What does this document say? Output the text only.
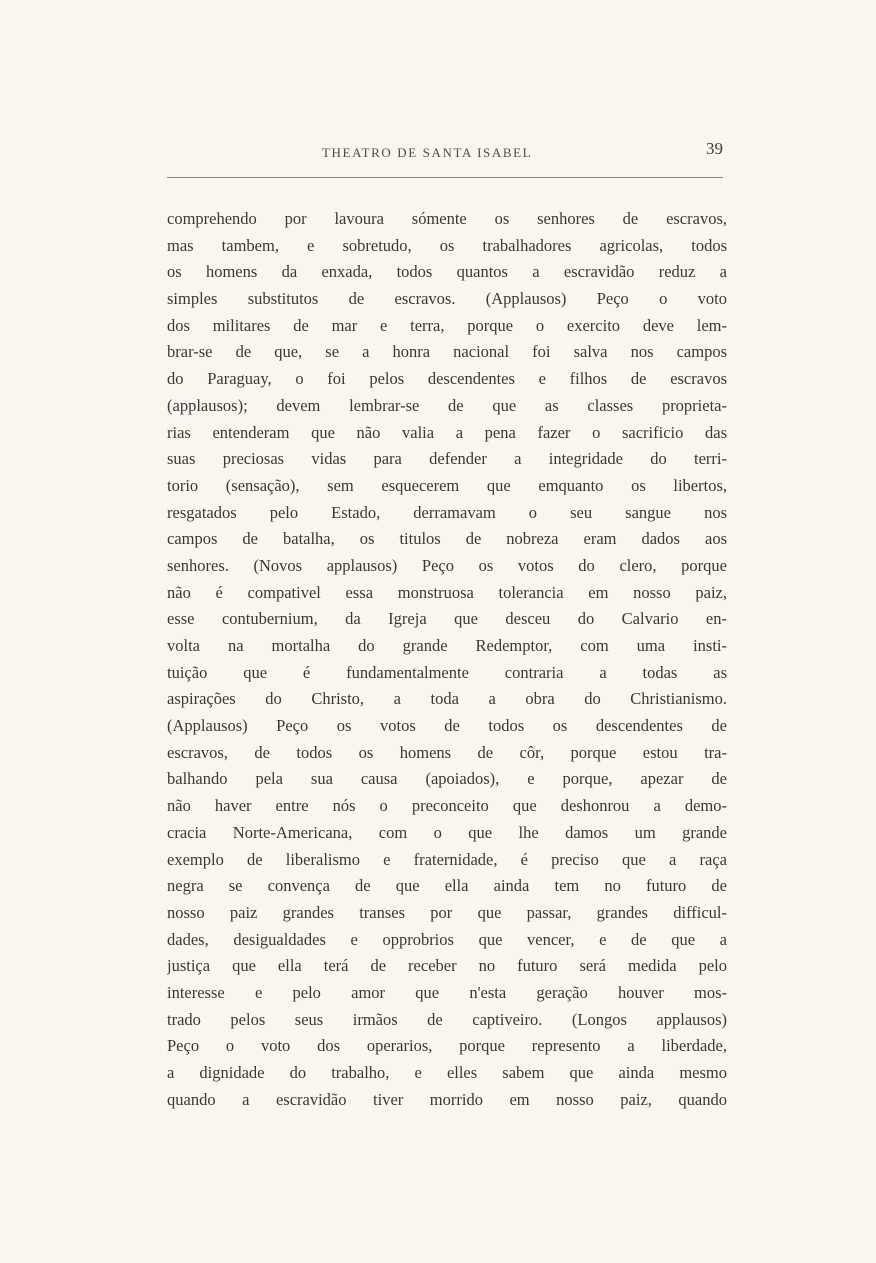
THEATRO DE SANTA ISABEL	39
comprehendo por lavoura sómente os senhores de escravos,
mas tambem, e sobretudo, os trabalhadores agricolas, todos
os homens da enxada, todos quantos a escravidão reduz a
simples substitutos de escravos. (Applausos) Peço o voto
dos militares de mar e terra, porque o exercito deve lem-
brar-se de que, se a honra nacional foi salva nos campos
do Paraguay, o foi pelos descendentes e filhos de escravos
(applausos); devem lembrar-se de que as classes proprieta-
rias entenderam que não valia a pena fazer o sacrificio das
suas preciosas vidas para defender a integridade do terri-
torio (sensação), sem esquecerem que emquanto os libertos,
resgatados pelo Estado, derramavam o seu sangue nos
campos de batalha, os titulos de nobreza eram dados aos
senhores. (Novos applausos) Peço os votos do clero, porque
não é compativel essa monstruosa tolerancia em nosso paiz,
esse contubernium, da Igreja que desceu do Calvario en-
volta na mortalha do grande Redemptor, com uma insti-
tuição que é fundamentalmente contraria a todas as
aspirações do Christo, a toda a obra do Christianismo.
(Applausos) Peço os votos de todos os descendentes de
escravos, de todos os homens de côr, porque estou tra-
balhando pela sua causa (apoiados), e porque, apezar de
não haver entre nós o preconceito que deshonrou a demo-
cracia Norte-Americana, com o que lhe damos um grande
exemplo de liberalismo e fraternidade, é preciso que a raça
negra se convença de que ella ainda tem no futuro de
nosso paiz grandes transes por que passar, grandes difficul-
dades, desigualdades e opprobrios que vencer, e de que a
justiça que ella terá de receber no futuro será medida pelo
interesse e pelo amor que n'esta geração houver mos-
trado pelos seus irmãos de captiveiro. (Longos applausos)
Peço o voto dos operarios, porque represento a liberdade,
a dignidade do trabalho, e elles sabem que ainda mesmo
quando a escravidão tiver morrido em nosso paiz, quando
